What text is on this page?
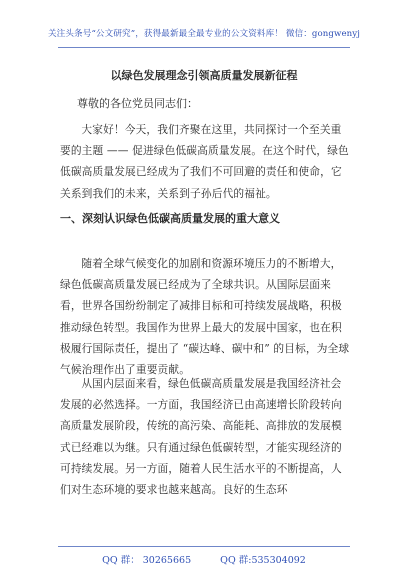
关注头条号“公文研究”，获得最新最全最专业的公文资料库！ 微信：gongwenyj
以绿色发展理念引领高质量发展新征程
尊敬的各位党员同志们：
大家好！今天，我们齐聚在这里，共同探讨一个至关重要的主题 —— 促进绿色低碳高质量发展。在这个时代，绿色低碳高质量发展已经成为了我们不可回避的责任和使命，它关系到我们的未来，关系到子孙后代的福祉。
一、深刻认识绿色低碳高质量发展的重大意义
随着全球气候变化的加剧和资源环境压力的不断增大，绿色低碳高质量发展已经成为了全球共识。从国际层面来看，世界各国纷纷制定了减排目标和可持续发展战略，积极推动绿色转型。我国作为世界上最大的发展中国家，也在积极履行国际责任，提出了 “碳达峰、碳中和” 的目标，为全球气候治理作出了重要贡献。
从国内层面来看，绿色低碳高质量发展是我国经济社会发展的必然选择。一方面，我国经济已由高速增长阶段转向高质量发展阶段，传统的高污染、高能耗、高排放的发展模式已经难以为继。只有通过绿色低碳转型，才能实现经济的可持续发展。另一方面，随着人民生活水平的不断提高，人们对生态环境的要求也越来越高。良好的生态环
QQ 群： 30265665	QQ 群:535304092
